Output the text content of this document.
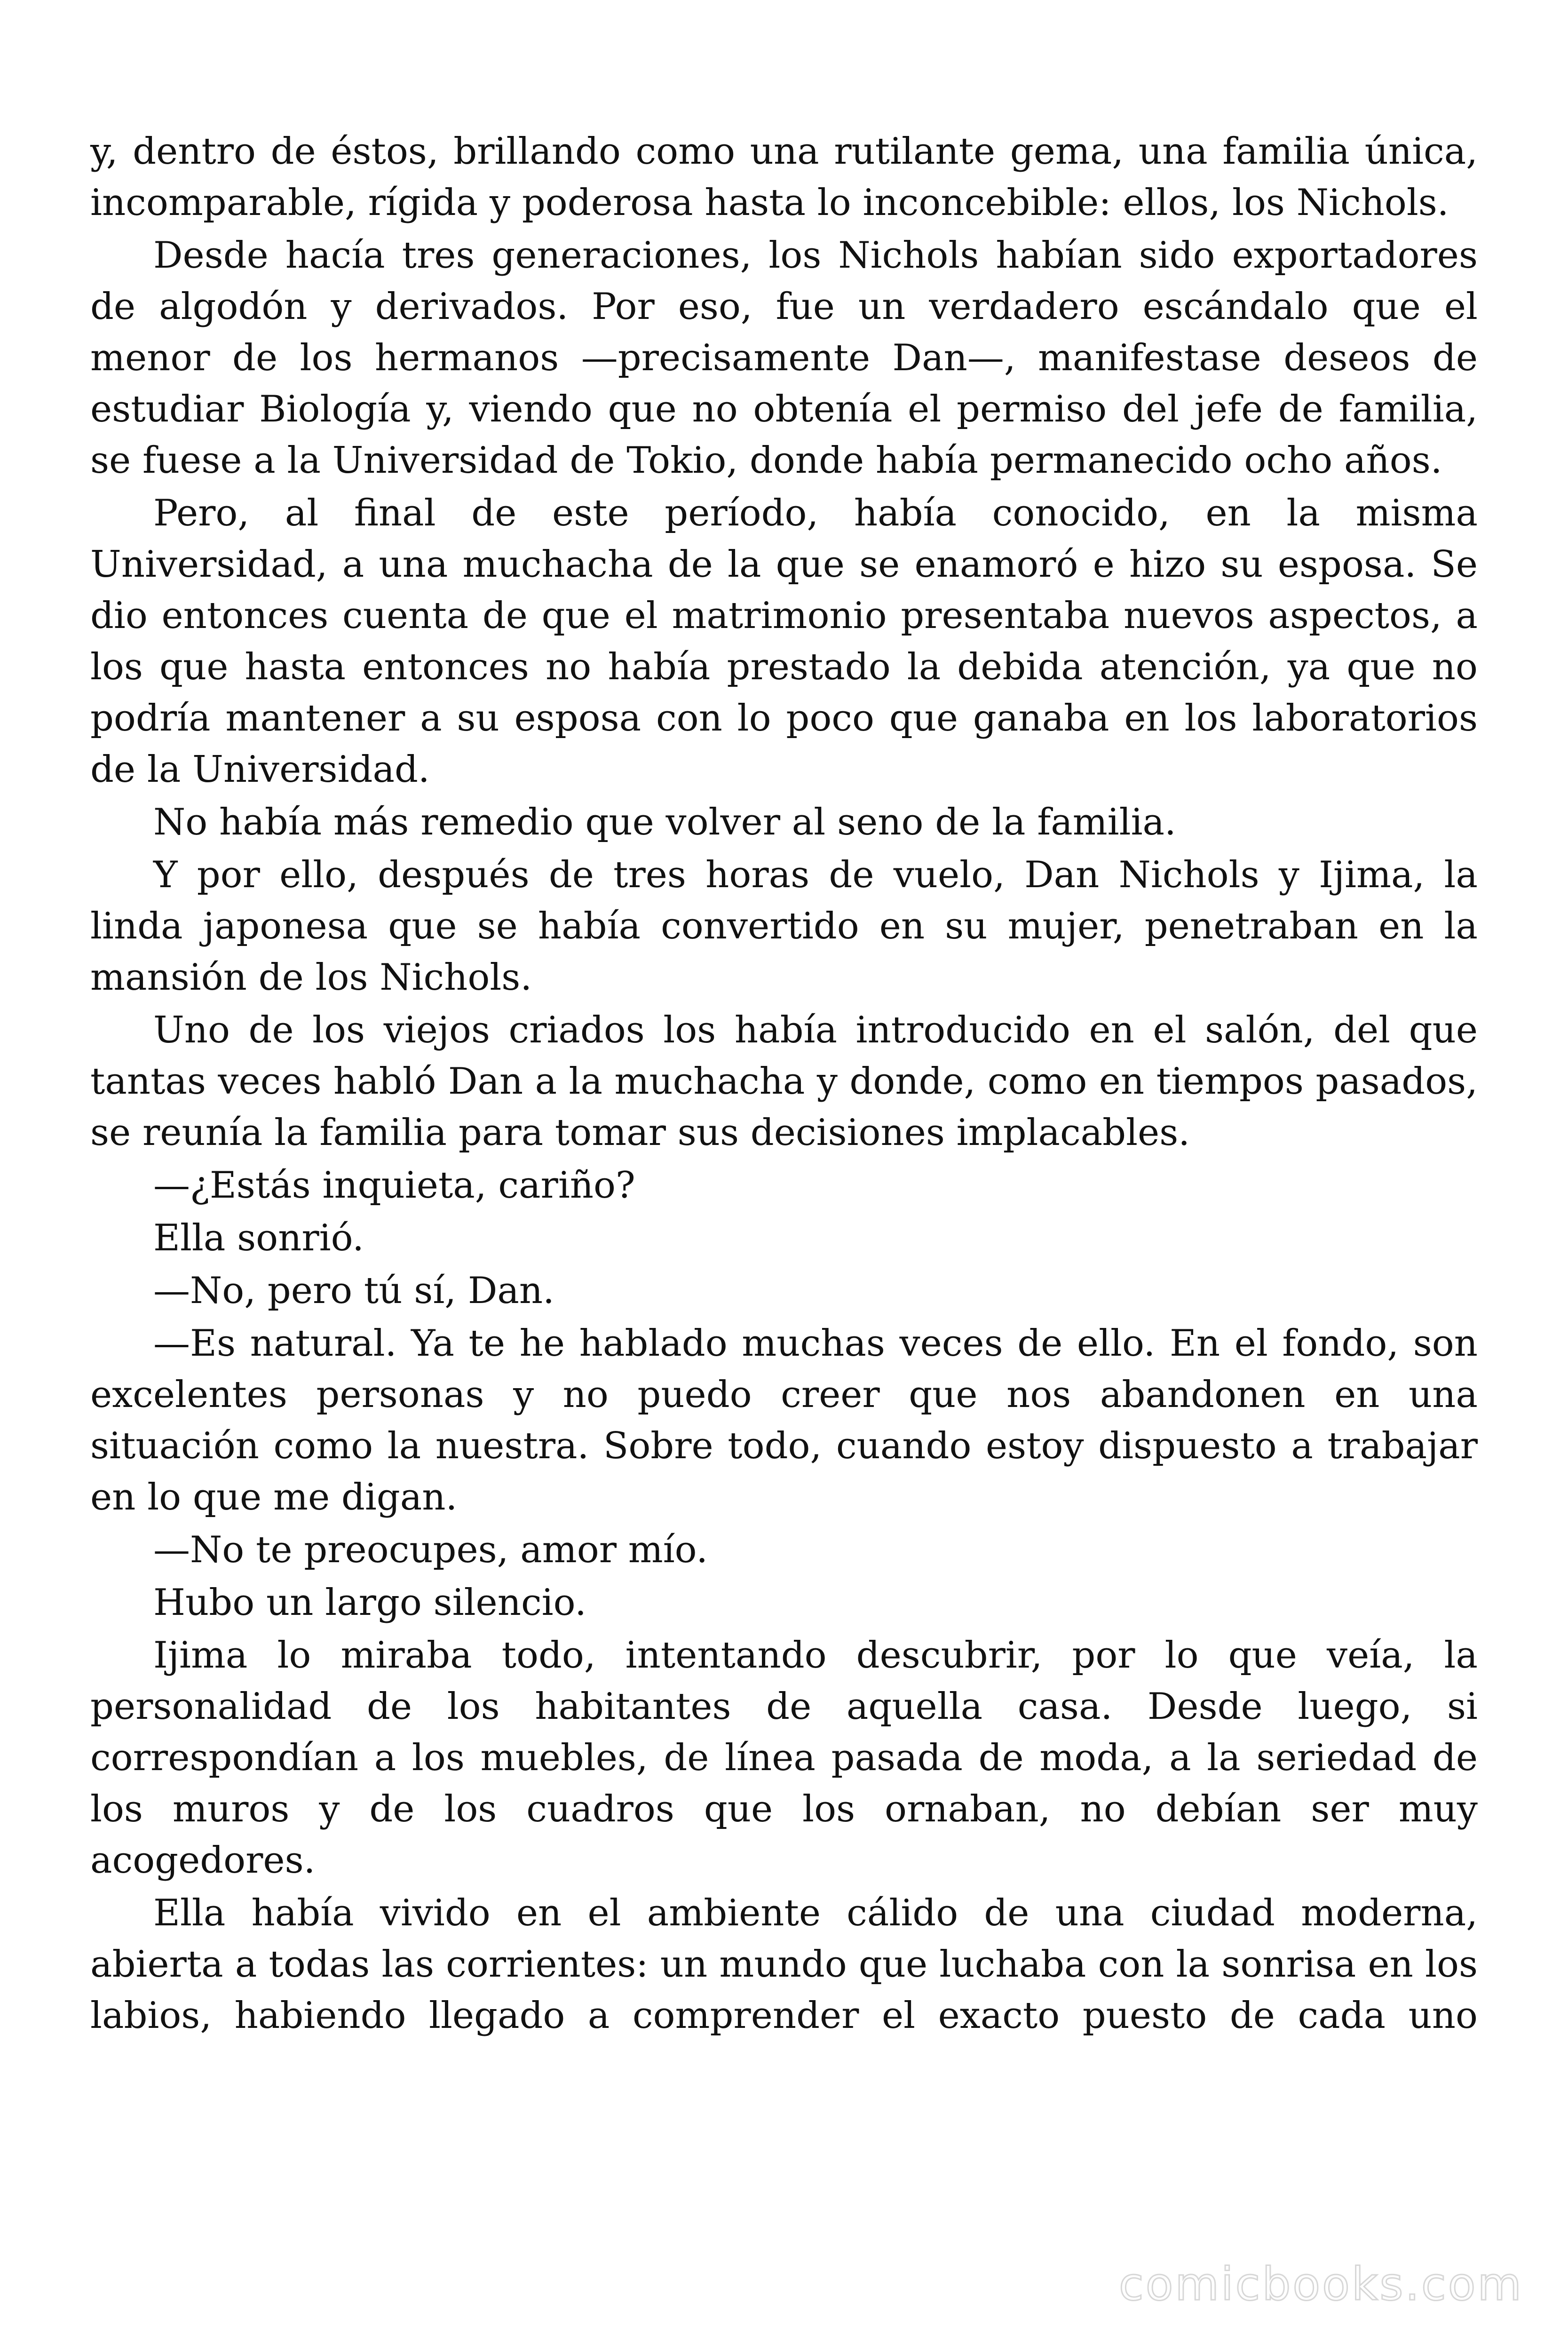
y, dentro de éstos, brillando como una rutilante gema, una familia única, incomparable, rígida y poderosa hasta lo inconcebible: ellos, los Nichols.

Desde hacía tres generaciones, los Nichols habían sido exportadores de algodón y derivados. Por eso, fue un verdadero escándalo que el menor de los hermanos —precisamente Dan—, manifestase deseos de estudiar Biología y, viendo que no obtenía el permiso del jefe de familia, se fuese a la Universidad de Tokio, donde había permanecido ocho años.

Pero, al final de este período, había conocido, en la misma Universidad, a una muchacha de la que se enamoró e hizo su esposa. Se dio entonces cuenta de que el matrimonio presentaba nuevos aspectos, a los que hasta entonces no había prestado la debida atención, ya que no podría mantener a su esposa con lo poco que ganaba en los laboratorios de la Universidad.

No había más remedio que volver al seno de la familia.

Y por ello, después de tres horas de vuelo, Dan Nichols y Ijima, la linda japonesa que se había convertido en su mujer, penetraban en la mansión de los Nichols.

Uno de los viejos criados los había introducido en el salón, del que tantas veces habló Dan a la muchacha y donde, como en tiempos pasados, se reunía la familia para tomar sus decisiones implacables.

—¿Estás inquieta, cariño?

Ella sonrió.

—No, pero tú sí, Dan.

—Es natural. Ya te he hablado muchas veces de ello. En el fondo, son excelentes personas y no puedo creer que nos abandonen en una situación como la nuestra. Sobre todo, cuando estoy dispuesto a trabajar en lo que me digan.

—No te preocupes, amor mío.

Hubo un largo silencio.

Ijima lo miraba todo, intentando descubrir, por lo que veía, la personalidad de los habitantes de aquella casa. Desde luego, si correspondían a los muebles, de línea pasada de moda, a la seriedad de los muros y de los cuadros que los ornaban, no debían ser muy acogedores.

Ella había vivido en el ambiente cálido de una ciudad moderna, abierta a todas las corrientes: un mundo que luchaba con la sonrisa en los labios, habiendo llegado a comprender el exacto puesto de cada uno

comicbooks.com
